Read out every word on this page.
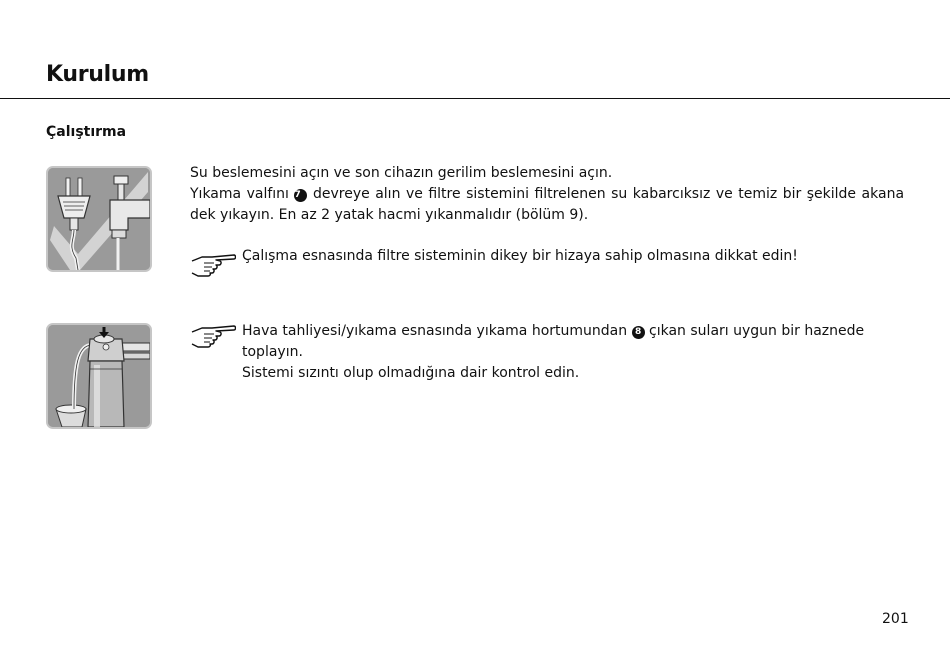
Kurulum
Çalıştırma
Su beslemesini açın ve son cihazın gerilim beslemesini açın.
Yıkama valfını 7 devreye alın ve filtre sistemini filtrelenen su kabarcıksız ve temiz bir şekilde akana dek yıkayın. En az 2 yatak hacmi yıkanmalıdır (bölüm 9).
Çalışma esnasında filtre sisteminin dikey bir hizaya sahip olmasına dikkat edin!
Hava tahliyesi/yıkama esnasında yıkama hortumundan 8 çıkan suları uygun bir haznede toplayın.
Sistemi sızıntı olup olmadığına dair kontrol edin.
201
